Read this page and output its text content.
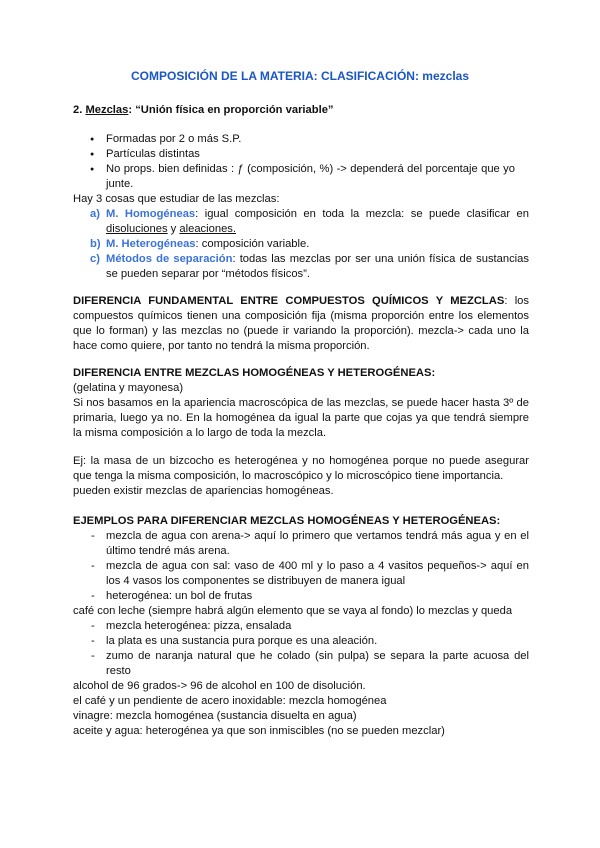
COMPOSICIÓN DE LA MATERIA: CLASIFICACIÓN: mezclas
2. Mezclas: “Unión física en proporción variable”
● Formadas por 2 o más S.P.
● Partículas distintas
● No props. bien definidas : ƒ (composición, %) -> dependerá del porcentaje que yo junte.

Hay 3 cosas que estudiar de las mezclas:

a) M. Homogéneas: igual composición en toda la mezcla: se puede clasificar en disoluciones y aleaciones.
b) M. Heterogéneas: composición variable.
c) Métodos de separación: todas las mezclas por ser una unión física de sustancias se pueden separar por “métodos físicos”.
DIFERENCIA FUNDAMENTAL ENTRE COMPUESTOS QUÍMICOS Y MEZCLAS: los compuestos químicos tienen una composición fija (misma proporción entre los elementos que lo forman) y las mezclas no (puede ir variando la proporción). mezcla-> cada uno la hace como quiere, por tanto no tendrá la misma proporción.

DIFERENCIA ENTRE MEZCLAS HOMOGÉNEAS Y HETEROGÉNEAS:

(gelatina y mayonesa)

Si nos basamos en la apariencia macroscópica de las mezclas, se puede hacer hasta 3º de primaria, luego ya no. En la homogénea da igual la parte que cojas ya que tendrá siempre la misma composición a lo largo de toda la mezcla.

Ej: la masa de un bizcocho es heterogénea y no homogénea porque no puede asegurar que tenga la misma composición, lo macroscópico y lo microscópico tiene importancia.

pueden existir mezclas de apariencias homogéneas.

EJEMPLOS PARA DIFERENCIAR MEZCLAS HOMOGÉNEAS Y HETEROGÉNEAS:

- mezcla de agua con arena-> aquí lo primero que vertamos tendrá más agua y en el último tendré más arena.
- mezcla de agua con sal: vaso de 400 ml y lo paso a 4 vasitos pequeños-> aquí en los 4 vasos los componentes se distribuyen de manera igual
- heterogénea: un bol de frutas

café con leche (siempre habrá algún elemento que se vaya al fondo) lo mezclas y queda

- mezcla heterogénea: pizza, ensalada
- la plata es una sustancia pura porque es una aleación.
- zumo de naranja natural que he colado (sin pulpa) se separa la parte acuosa del resto

alcohol de 96 grados-> 96 de alcohol en 100 de disolución.

el café y un pendiente de acero inoxidable: mezcla homogénea

vinagre: mezcla homogénea (sustancia disuelta en agua)

aceite y agua: heterogénea ya que son inmiscibles (no se pueden mezclar)
